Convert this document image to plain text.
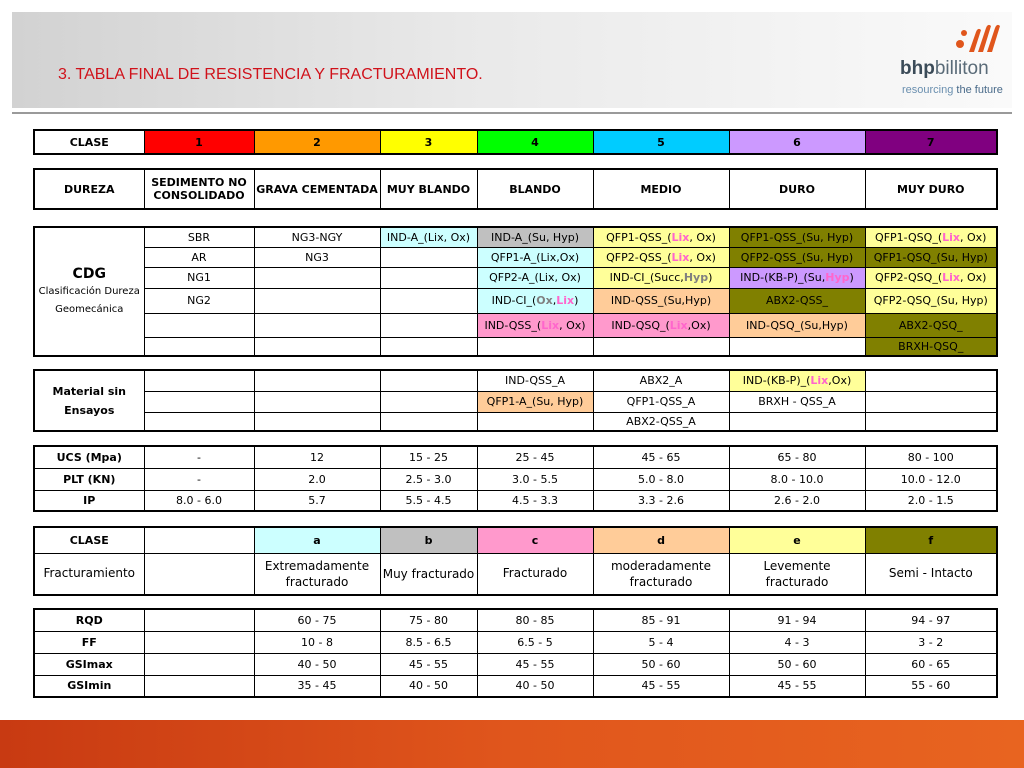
3. TABLA FINAL DE RESISTENCIA Y FRACTURAMIENTO.	bhpbilliton
resourcing the future
CLASE	1	2	3	4	5	6	7
DUREZA	SEDIMENTO NO CONSOLIDADO	GRAVA CEMENTADA	MUY BLANDO	BLANDO	MEDIO	DURO	MUY DURO
CDG
Clasificación Dureza Geomecánica	SBR	NG3-NGY	IND-A_(Lix, Ox)	IND-A_(Su, Hyp)	QFP1-QSS_(Lix, Ox)	QFP1-QSS_(Su, Hyp)	QFP1-QSQ_(Lix, Ox)
	AR	NG3		QFP1-A_(Lix,Ox)	QFP2-QSS_(Lix, Ox)	QFP2-QSS_(Su, Hyp)	QFP1-QSQ_(Su, Hyp)
	NG1			QFP2-A_(Lix, Ox)	IND-CI_(Succ,Hyp)	IND-(KB-P)_(Su,Hyp)	QFP2-QSQ_(Lix, Ox)
	NG2			IND-CI_(Ox,Lix)	IND-QSS_(Su,Hyp)	ABX2-QSS_	QFP2-QSQ_(Su, Hyp)
				IND-QSS_(Lix, Ox)	IND-QSQ_(Lix,Ox)	IND-QSQ_(Su,Hyp)	ABX2-QSQ_
							BRXH-QSQ_
Material sin Ensayos				IND-QSS_A	ABX2_A	IND-(KB-P)_(Lix,Ox)	
				QFP1-A_(Su, Hyp)	QFP1-QSS_A	BRXH - QSS_A	
					ABX2-QSS_A		
UCS (Mpa)	-	12	15 - 25	25 - 45	45 - 65	65 - 80	80 - 100
PLT (KN)	-	2.0	2.5 - 3.0	3.0 - 5.5	5.0 - 8.0	8.0 - 10.0	10.0 - 12.0
IP	8.0 - 6.0	5.7	5.5 - 4.5	4.5 - 3.3	3.3 - 2.6	2.6 - 2.0	2.0 - 1.5
CLASE		a	b	c	d	e	f
Fracturamiento		Extremadamente fracturado	Muy fracturado	Fracturado	moderadamente fracturado	Levemente fracturado	Semi - Intacto
RQD		60 - 75	75 - 80	80 - 85	85 - 91	91 - 94	94 - 97
FF		10 - 8	8.5 - 6.5	6.5 - 5	5 - 4	4 - 3	3 - 2
GSImax		40 - 50	45 - 55	45 - 55	50 - 60	50 - 60	60 - 65
GSImin		35 - 45	40 - 50	40 - 50	45 - 55	45 - 55	55 - 60
